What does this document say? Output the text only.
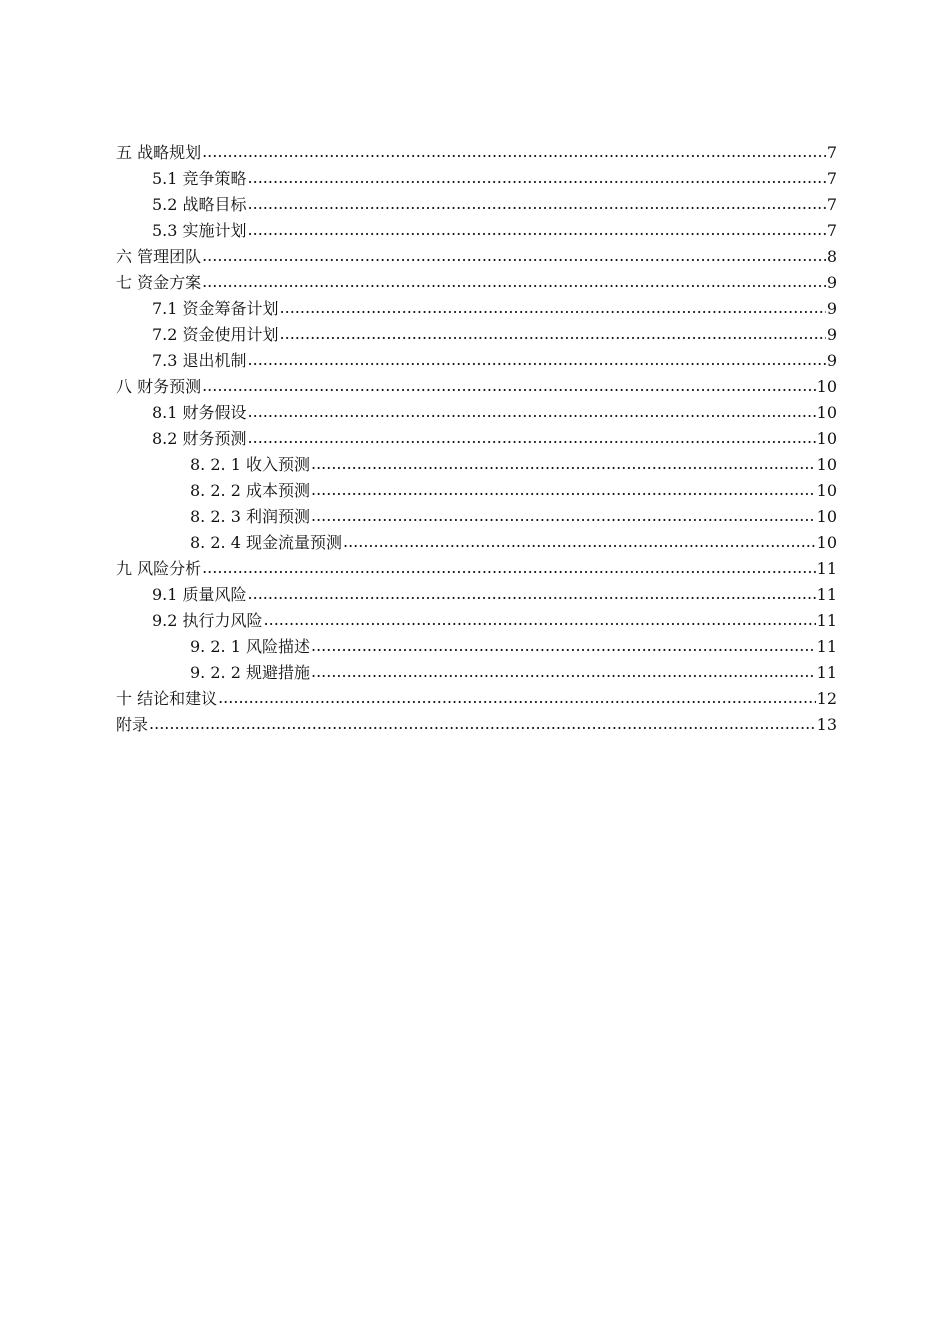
五 战略规划 .....	7
5.1 竞争策略 .....	7
5.2 战略目标 .....	7
5.3 实施计划 .....	7
六 管理团队 .....	8
七 资金方案 .....	9
7.1 资金筹备计划 .....	9
7.2 资金使用计划 .....	9
7.3 退出机制 .....	9
八 财务预测 .....	10
8.1 财务假设 .....	10
8.2 财务预测 .....	10
8. 2. 1 收入预测 .....	10
8. 2. 2 成本预测 .....	10
8. 2. 3 利润预测 .....	10
8. 2. 4 现金流量预测 .....	10
九 风险分析 .....	11
9.1 质量风险 .....	11
9.2 执行力风险 .....	11
9. 2. 1 风险描述 .....	11
9. 2. 2 规避措施 .....	11
十 结论和建议 .....	12
附录 .....	13
